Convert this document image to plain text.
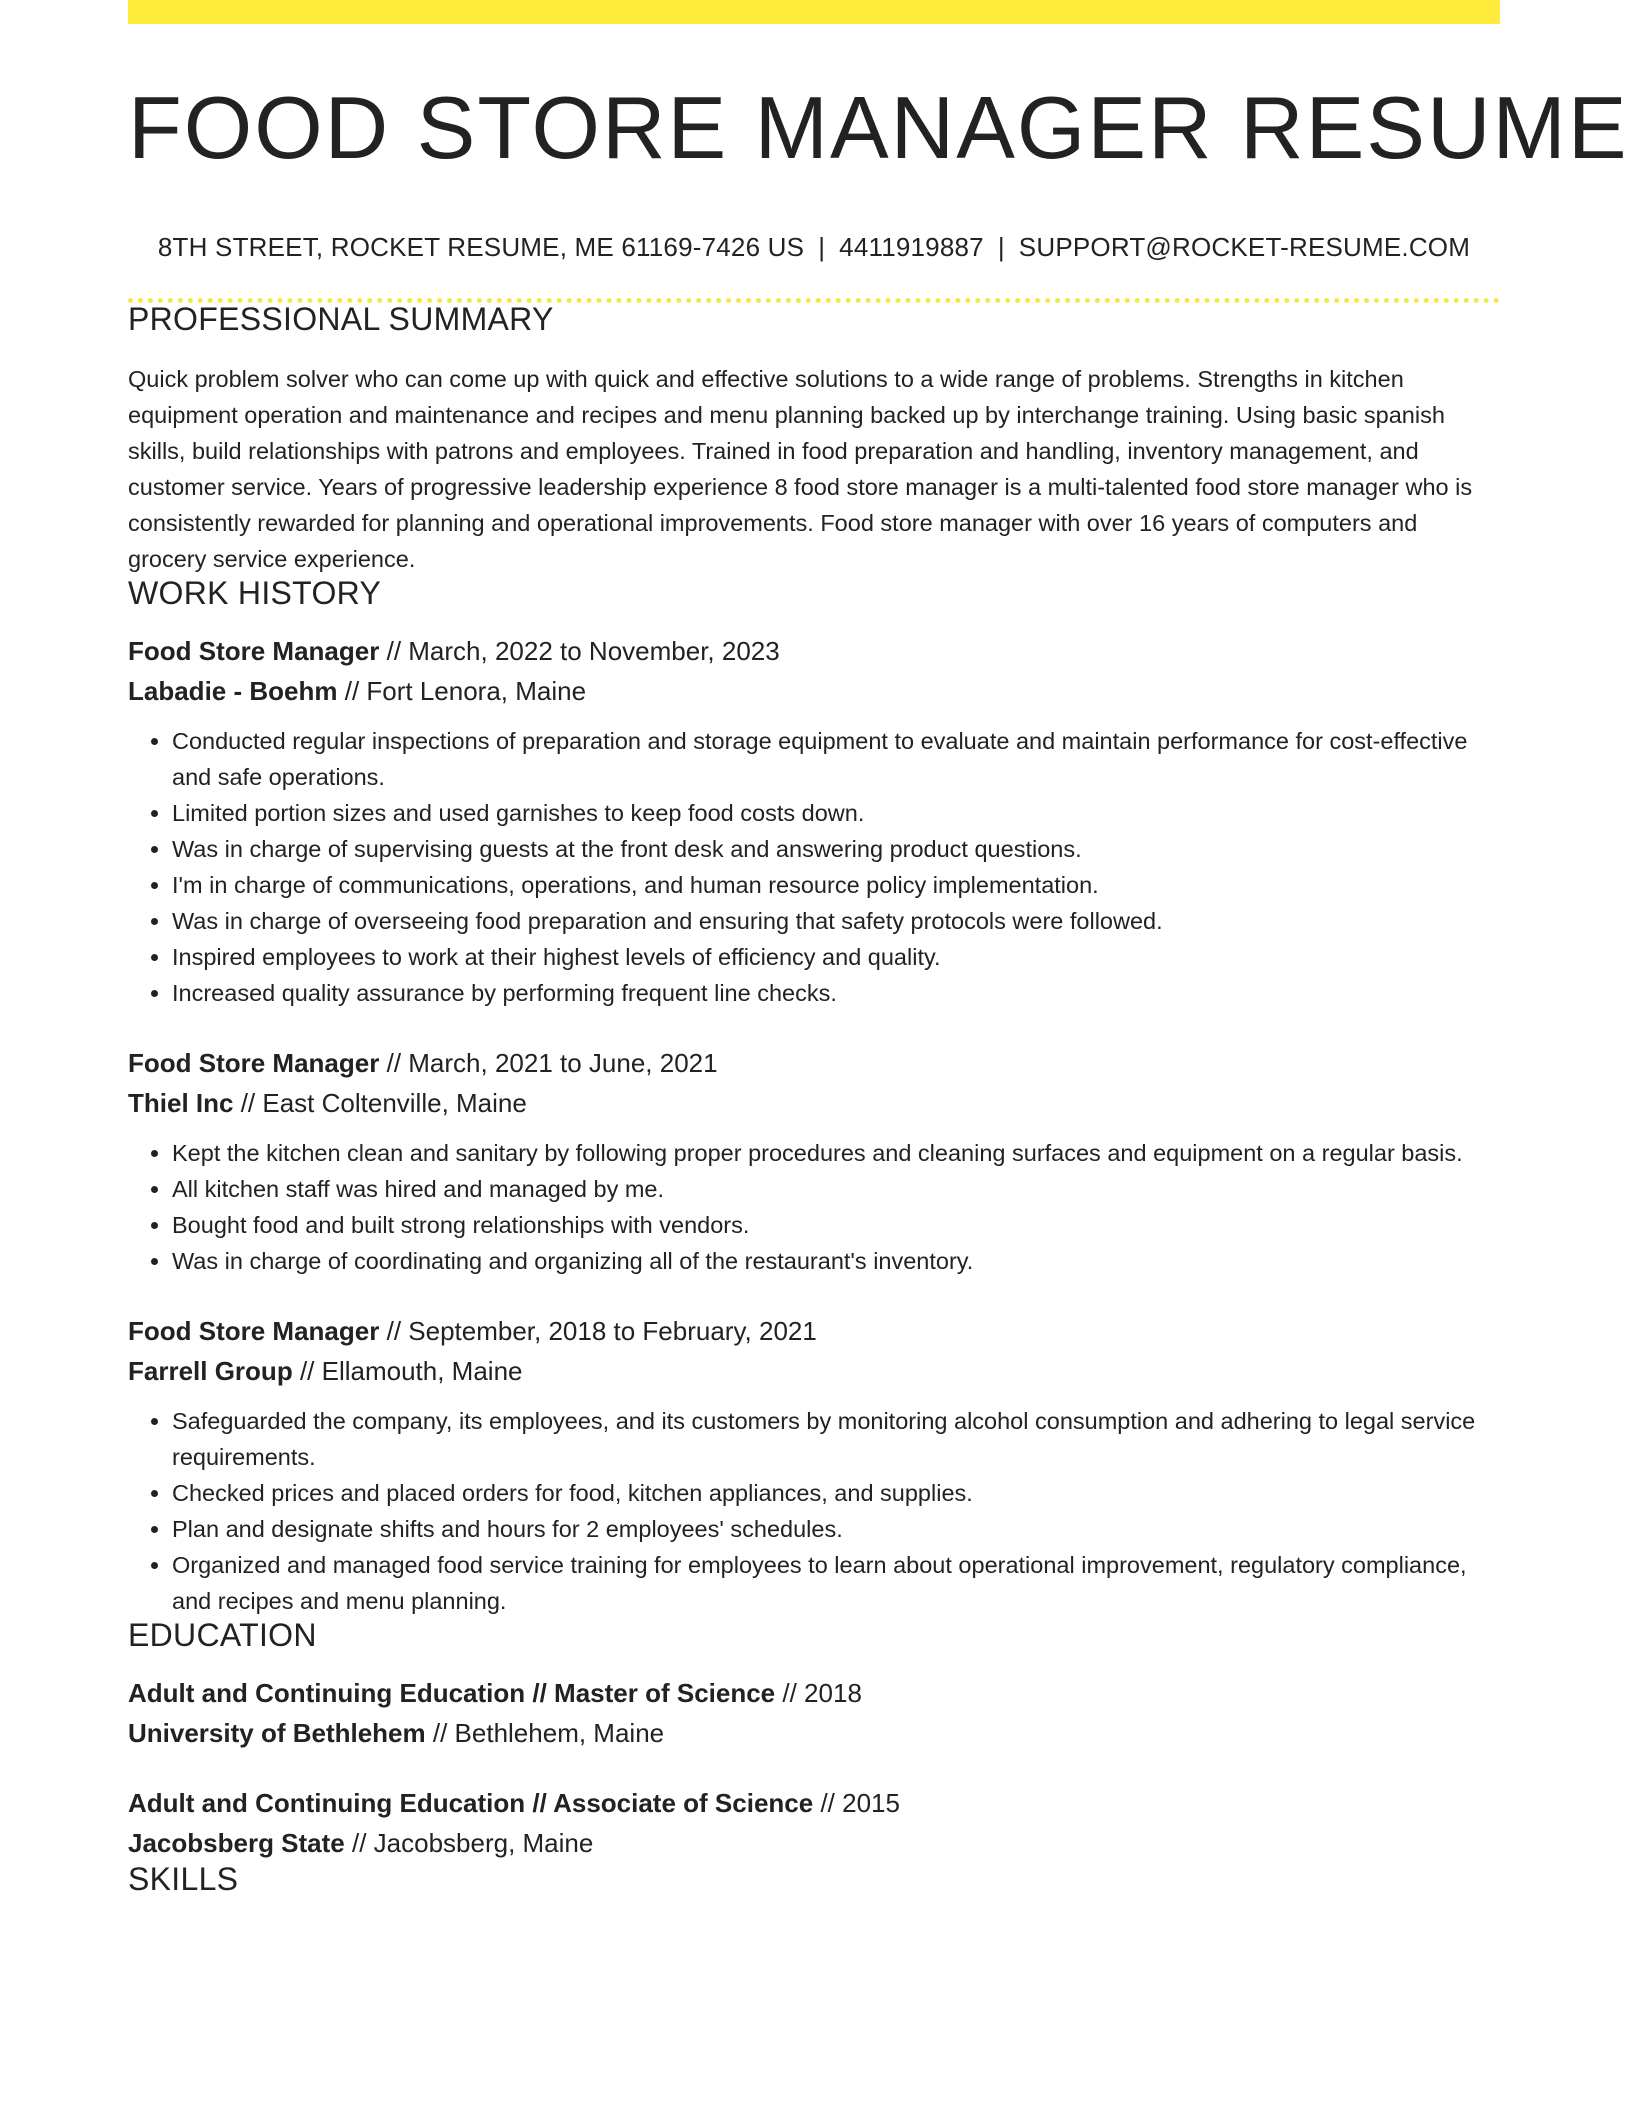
FOOD STORE MANAGER RESUME
8TH STREET, ROCKET RESUME, ME 61169-7426 US | 4411919887 | SUPPORT@ROCKET-RESUME.COM
PROFESSIONAL SUMMARY

Quick problem solver who can come up with quick and effective solutions to a wide range of problems. Strengths in kitchen equipment operation and maintenance and recipes and menu planning backed up by interchange training. Using basic spanish skills, build relationships with patrons and employees. Trained in food preparation and handling, inventory management, and customer service. Years of progressive leadership experience 8 food store manager is a multi-talented food store manager who is consistently rewarded for planning and operational improvements. Food store manager with over 16 years of computers and grocery service experience.

WORK HISTORY
Food Store Manager // March, 2022 to November, 2023
Labadie - Boehm // Fort Lenora, Maine
• Conducted regular inspections of preparation and storage equipment to evaluate and maintain performance for cost-effective and safe operations.
• Limited portion sizes and used garnishes to keep food costs down.
• Was in charge of supervising guests at the front desk and answering product questions.
• I'm in charge of communications, operations, and human resource policy implementation.
• Was in charge of overseeing food preparation and ensuring that safety protocols were followed.
• Inspired employees to work at their highest levels of efficiency and quality.
• Increased quality assurance by performing frequent line checks.
Food Store Manager // March, 2021 to June, 2021
Thiel Inc // East Coltenville, Maine
• Kept the kitchen clean and sanitary by following proper procedures and cleaning surfaces and equipment on a regular basis.
• All kitchen staff was hired and managed by me.
• Bought food and built strong relationships with vendors.
• Was in charge of coordinating and organizing all of the restaurant's inventory.
Food Store Manager // September, 2018 to February, 2021
Farrell Group // Ellamouth, Maine
• Safeguarded the company, its employees, and its customers by monitoring alcohol consumption and adhering to legal service requirements.
• Checked prices and placed orders for food, kitchen appliances, and supplies.
• Plan and designate shifts and hours for 2 employees' schedules.
• Organized and managed food service training for employees to learn about operational improvement, regulatory compliance, and recipes and menu planning.
EDUCATION
Adult and Continuing Education // Master of Science // 2018
University of Bethlehem // Bethlehem, Maine
Adult and Continuing Education // Associate of Science // 2015
Jacobsberg State // Jacobsberg, Maine
SKILLS
